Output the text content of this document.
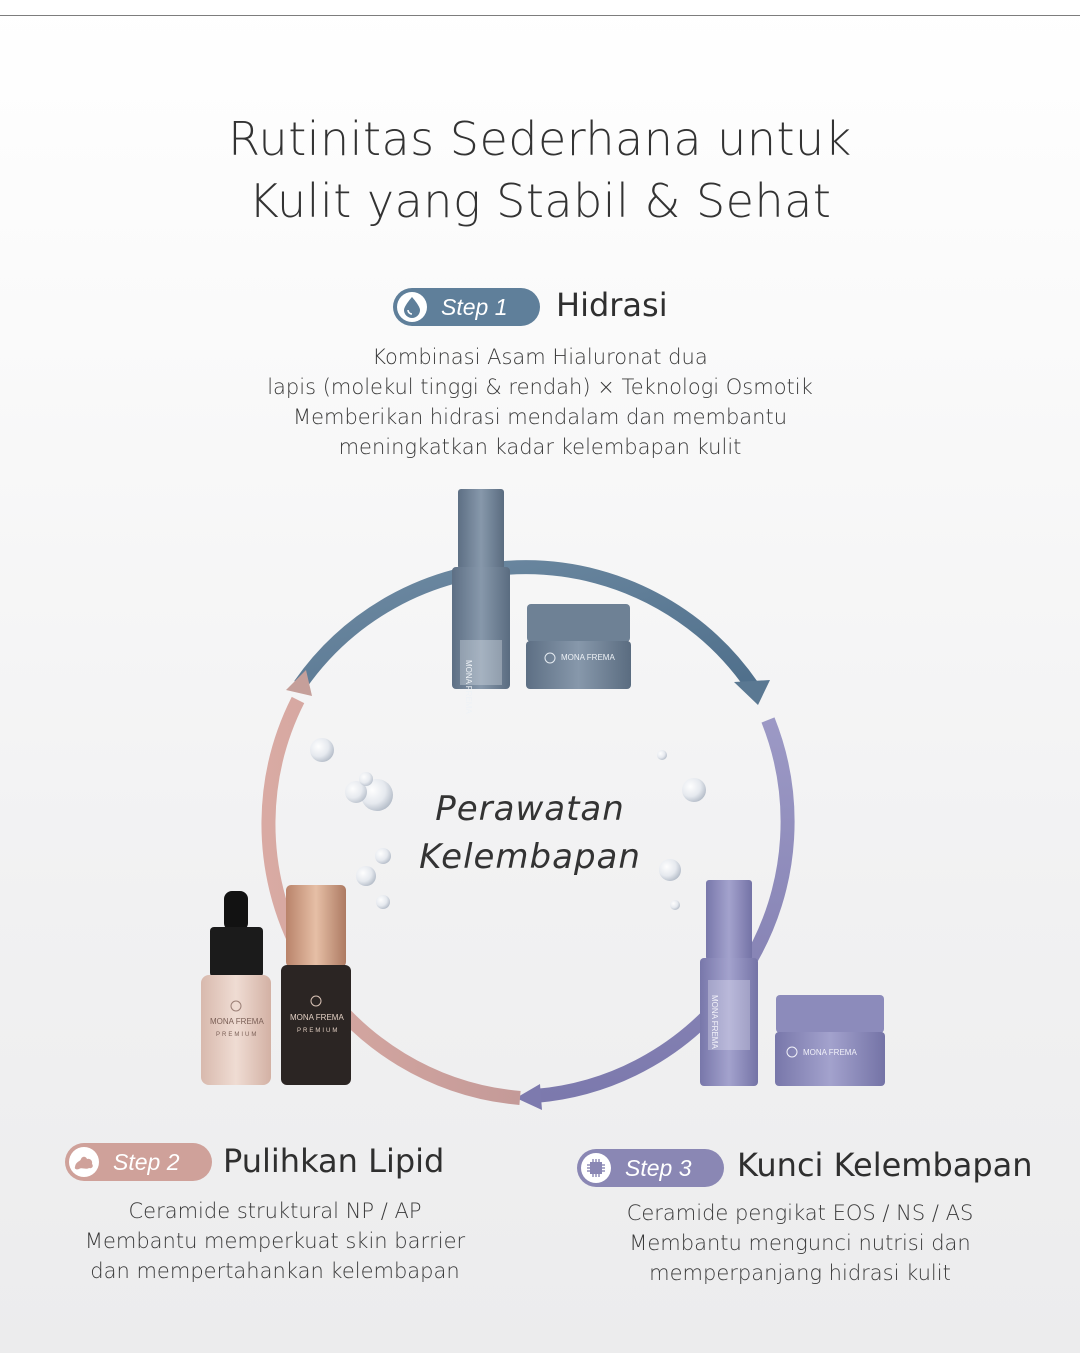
Rutinitas Sederhana untuk
Kulit yang Stabil & Sehat
Step 1 Hidrasi
Kombinasi Asam Hialuronat dua
lapis (molekul tinggi & rendah) × Teknologi Osmotik
Memberikan hidrasi mendalam dan membantu
meningkatkan kadar kelembapan kulit
MONA FREMA
MONA FREMA
MONA FREMA
PREMIUM
MONA FREMA
PREMIUM	MONA FREMA
MONA FREMA
Perawatan
Kelembapan
Step 2 Pulihkan Lipid
Ceramide struktural NP / AP
Membantu memperkuat skin barrier
dan mempertahankan kelembapan
Step 3 Kunci Kelembapan
Ceramide pengikat EOS / NS / AS
Membantu mengunci nutrisi dan
memperpanjang hidrasi kulit
